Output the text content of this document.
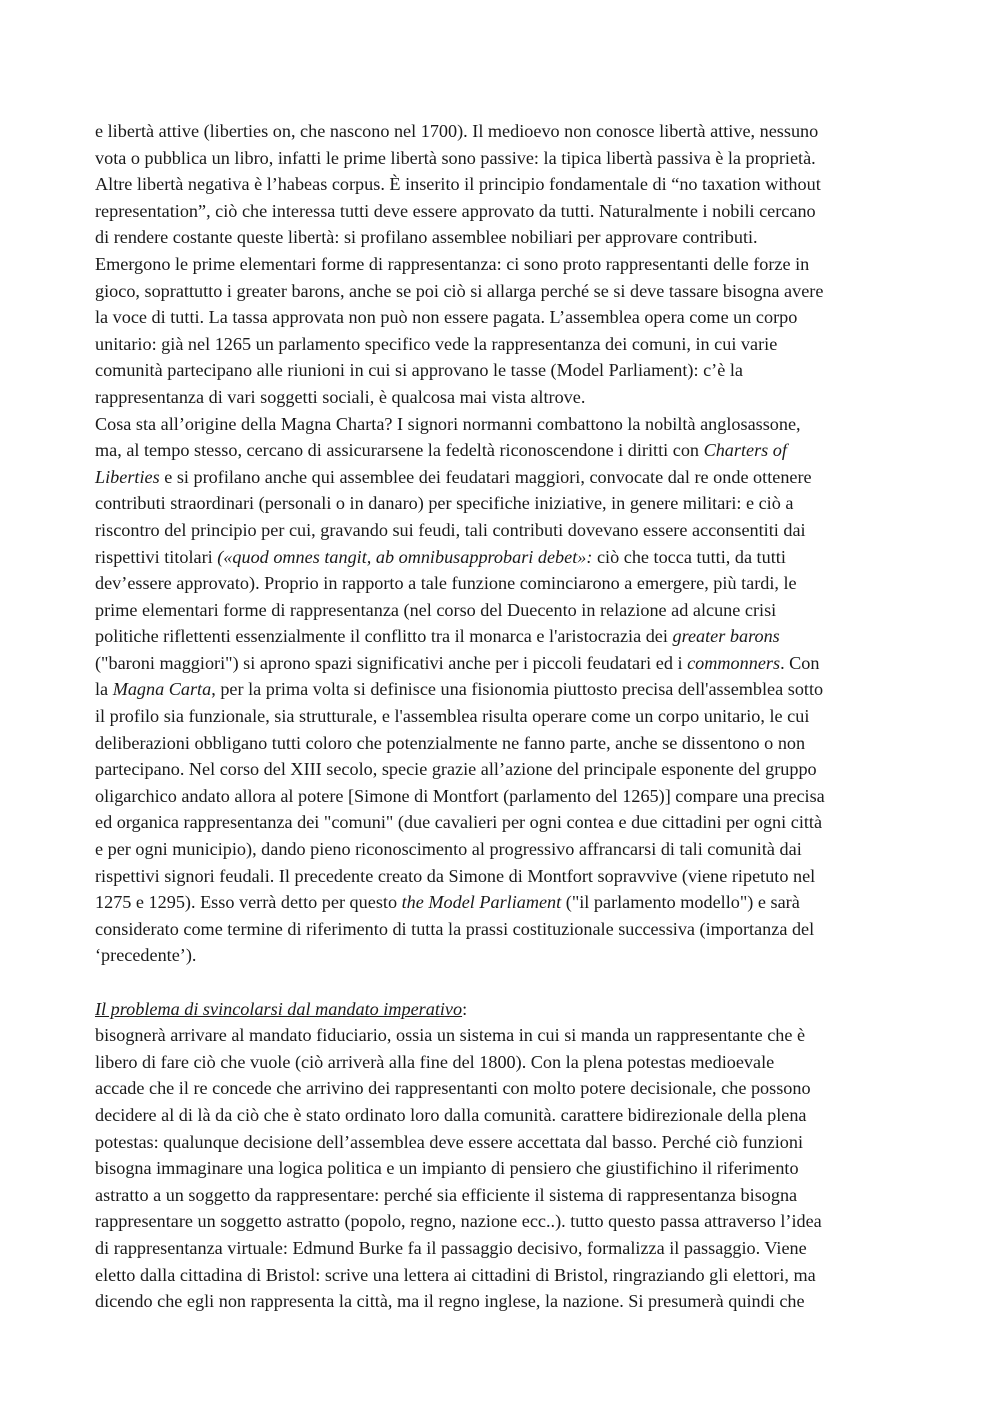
e libertà attive (liberties on, che nascono nel 1700). Il medioevo non conosce libertà attive, nessuno
vota o pubblica un libro, infatti le prime libertà sono passive: la tipica libertà passiva è la proprietà.
Altre libertà negativa è l’habeas corpus. È inserito il principio fondamentale di “no taxation without
representation”, ciò che interessa tutti deve essere approvato da tutti. Naturalmente i nobili cercano
di rendere costante queste libertà: si profilano assemblee nobiliari per approvare contributi.
Emergono le prime elementari forme di rappresentanza: ci sono proto rappresentanti delle forze in
gioco, soprattutto i greater barons, anche se poi ciò si allarga perché se si deve tassare bisogna avere
la voce di tutti. La tassa approvata non può non essere pagata. L’assemblea opera come un corpo
unitario: già nel 1265 un parlamento specifico vede la rappresentanza dei comuni, in cui varie
comunità partecipano alle riunioni in cui si approvano le tasse (Model Parliament): c’è la
rappresentanza di vari soggetti sociali, è qualcosa mai vista altrove.
Cosa sta all’origine della Magna Charta? I signori normanni combattono la nobiltà anglosassone,
ma, al tempo stesso, cercano di assicurarsene la fedeltà riconoscendone i diritti con Charters of
Liberties e si profilano anche qui assemblee dei feudatari maggiori, convocate dal re onde ottenere
contributi straordinari (personali o in danaro) per specifiche iniziative, in genere militari: e ciò a
riscontro del principio per cui, gravando sui feudi, tali contributi dovevano essere acconsentiti dai
rispettivi titolari («quod omnes tangit, ab omnibusapprobari debet»: ciò che tocca tutti, da tutti
dev’essere approvato). Proprio in rapporto a tale funzione cominciarono a emergere, più tardi, le
prime elementari forme di rappresentanza (nel corso del Duecento in relazione ad alcune crisi
politiche riflettenti essenzialmente il conflitto tra il monarca e l'aristocrazia dei greater barons
("baroni maggiori") si aprono spazi significativi anche per i piccoli feudatari ed i commonners. Con
la Magna Carta, per la prima volta si definisce una fisionomia piuttosto precisa dell'assemblea sotto
il profilo sia funzionale, sia strutturale, e l'assemblea risulta operare come un corpo unitario, le cui
deliberazioni obbligano tutti coloro che potenzialmente ne fanno parte, anche se dissentono o non
partecipano. Nel corso del XIII secolo, specie grazie all’azione del principale esponente del gruppo
oligarchico andato allora al potere [Simone di Montfort (parlamento del 1265)] compare una precisa
ed organica rappresentanza dei "comuni" (due cavalieri per ogni contea e due cittadini per ogni città
e per ogni municipio), dando pieno riconoscimento al progressivo affrancarsi di tali comunità dai
rispettivi signori feudali. Il precedente creato da Simone di Montfort sopravvive (viene ripetuto nel
1275 e 1295). Esso verrà detto per questo the Model Parliament ("il parlamento modello") e sarà
considerato come termine di riferimento di tutta la prassi costituzionale successiva (importanza del
‘precedente’).
Il problema di svincolarsi dal mandato imperativo:
bisognerà arrivare al mandato fiduciario, ossia un sistema in cui si manda un rappresentante che è
libero di fare ciò che vuole (ciò arriverà alla fine del 1800). Con la plena potestas medioevale
accade che il re concede che arrivino dei rappresentanti con molto potere decisionale, che possono
decidere al di là da ciò che è stato ordinato loro dalla comunità. carattere bidirezionale della plena
potestas: qualunque decisione dell’assemblea deve essere accettata dal basso. Perché ciò funzioni
bisogna immaginare una logica politica e un impianto di pensiero che giustifichino il riferimento
astratto a un soggetto da rappresentare: perché sia efficiente il sistema di rappresentanza bisogna
rappresentare un soggetto astratto (popolo, regno, nazione ecc..). tutto questo passa attraverso l’idea
di rappresentanza virtuale: Edmund Burke fa il passaggio decisivo, formalizza il passaggio. Viene
eletto dalla cittadina di Bristol: scrive una lettera ai cittadini di Bristol, ringraziando gli elettori, ma
dicendo che egli non rappresenta la città, ma il regno inglese, la nazione. Si presumerà quindi che
